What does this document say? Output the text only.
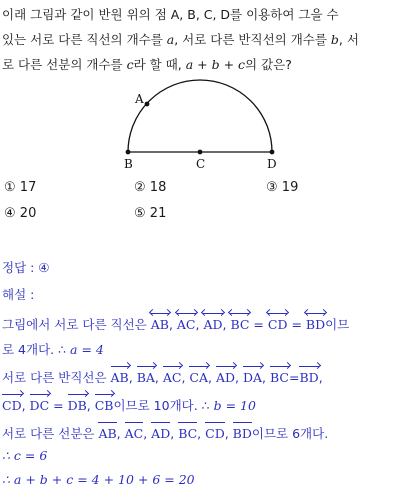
이래 그림과 같이 반원 위의 점 A, B, C, D를 이용하여 그을 수
있는 서로 다른 직선의 개수를 a, 서로 다른 반직선의 개수를 b, 서
로 다른 선분의 개수를 c라 할 때, a + b + c의 값은?
A
B	C	D
① 17	② 18	③ 19
④ 20	⑤ 21
정답 : ④
해설 :
그림에서 서로 다른 직선은
AB,
AC,
AD,
BC =
CD =
BD이므
로 4개다. ∴ a = 4
서로 다른 반직선은 AB, BA, AC, CA, AD, DA, BC=BD,
CD, DC = DB, CB이므로 10개다. ∴ b = 10
서로 다른 선분은 AB, AC, AD, BC, CD, BD이므로 6개다.
∴ c = 6
∴ a + b + c = 4 + 10 + 6 = 20
